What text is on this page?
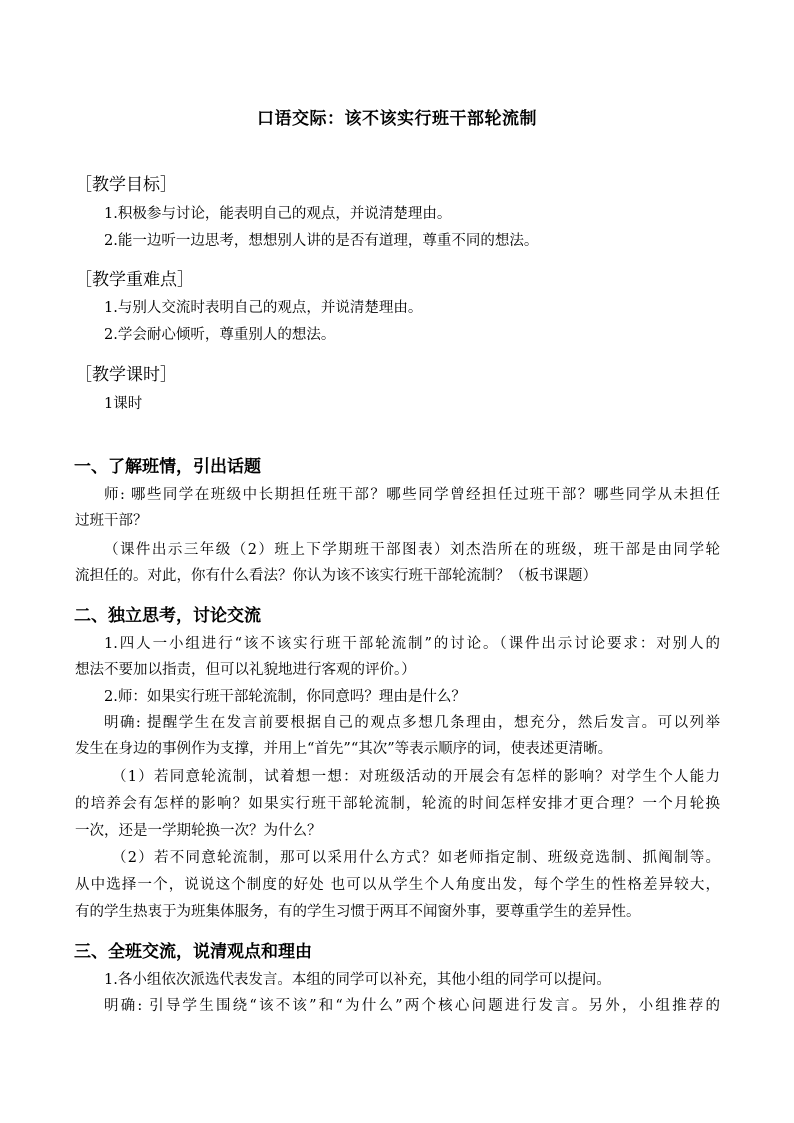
口语交际：该不该实行班干部轮流制
［教学目标］
1.积极参与讨论，能表明自己的观点，并说清楚理由。
2.能一边听一边思考，想想别人讲的是否有道理，尊重不同的想法。
［教学重难点］
1.与别人交流时表明自己的观点，并说清楚理由。
2.学会耐心倾听，尊重别人的想法。
［教学课时］
1课时
一、了解班情，引出话题
师: 哪些同学在班级中长期担任班干部？哪些同学曾经担任过班干部？哪些同学从未担任
过班干部？
（课件出示三年级（2）班上下学期班干部图表）刘杰浩所在的班级，班干部是由同学轮
流担任的。对此，你有什么看法？你认为该不该实行班干部轮流制？（板书课题）
二、独立思考，讨论交流
1.四人一小组进行“该不该实行班干部轮流制”的讨论。（课件出示讨论要求：对别人的
想法不要加以指责，但可以礼貌地进行客观的评价。）
2.师：如果实行班干部轮流制，你同意吗？理由是什么？
明确: 提醒学生在发言前要根据自己的观点多想几条理由，想充分，然后发言。可以列举
发生在身边的事例作为支撑，并用上“首先”“其次”等表示顺序的词，使表述更清晰。
（1）若同意轮流制，试着想一想：对班级活动的开展会有怎样的影响？对学生个人能力
的培养会有怎样的影响？如果实行班干部轮流制，轮流的时间怎样安排才更合理？一个月轮换
一次，还是一学期轮换一次？为什么？
（2）若不同意轮流制，那可以采用什么方式？如老师指定制、班级竞选制、抓阄制等。
从中选择一个，说说这个制度的好处 也可以从学生个人角度出发，每个学生的性格差异较大，
有的学生热衷于为班集体服务，有的学生习惯于两耳不闻窗外事，要尊重学生的差异性。
三、全班交流，说清观点和理由
1.各小组依次派选代表发言。本组的同学可以补充，其他小组的同学可以提问。
明确: 引导学生围绕“该不该”和“为什么”两个核心问题进行发言。另外，小组推荐的
